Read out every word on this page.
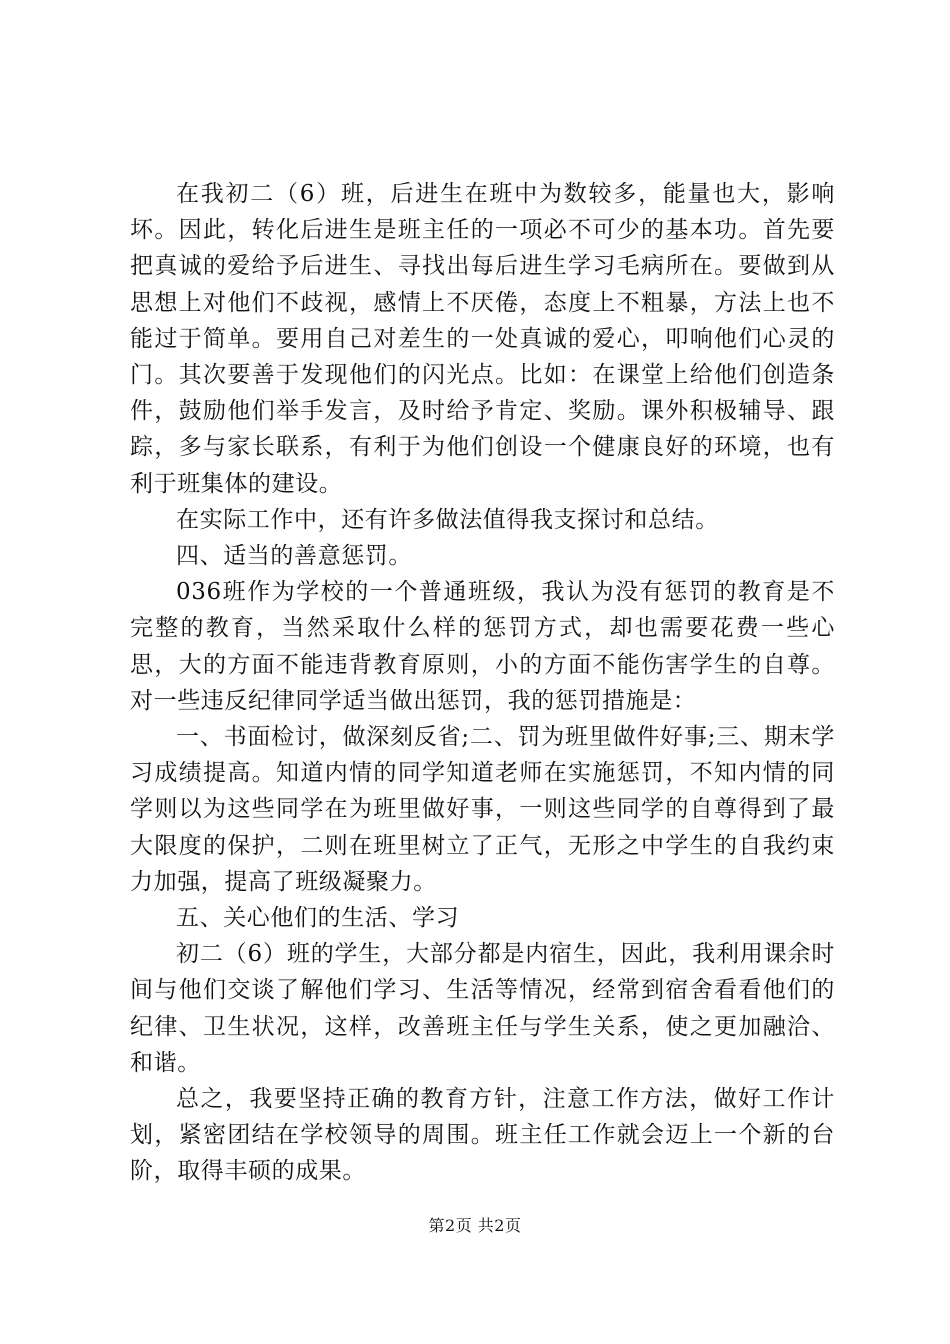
在我初二（6）班，后进生在班中为数较多，能量也大，影响坏。因此，转化后进生是班主任的一项必不可少的基本功。首先要把真诚的爱给予后进生、寻找出每后进生学习毛病所在。要做到从思想上对他们不歧视，感情上不厌倦，态度上不粗暴，方法上也不能过于简单。要用自己对差生的一处真诚的爱心，叩响他们心灵的门。其次要善于发现他们的闪光点。比如：在课堂上给他们创造条件，鼓励他们举手发言，及时给予肯定、奖励。课外积极辅导、跟踪，多与家长联系，有利于为他们创设一个健康良好的环境，也有利于班集体的建设。

在实际工作中，还有许多做法值得我支探讨和总结。

四、适当的善意惩罚。

036班作为学校的一个普通班级，我认为没有惩罚的教育是不完整的教育，当然采取什么样的惩罚方式，却也需要花费一些心思，大的方面不能违背教育原则，小的方面不能伤害学生的自尊。对一些违反纪律同学适当做出惩罚，我的惩罚措施是：

一、书面检讨，做深刻反省;二、罚为班里做件好事;三、期末学习成绩提高。知道内情的同学知道老师在实施惩罚，不知内情的同学则以为这些同学在为班里做好事，一则这些同学的自尊得到了最大限度的保护，二则在班里树立了正气，无形之中学生的自我约束力加强，提高了班级凝聚力。

五、关心他们的生活、学习

初二（6）班的学生，大部分都是内宿生，因此，我利用课余时间与他们交谈了解他们学习、生活等情况，经常到宿舍看看他们的纪律、卫生状况，这样，改善班主任与学生关系，使之更加融洽、和谐。

总之，我要坚持正确的教育方针，注意工作方法，做好工作计划，紧密团结在学校领导的周围。班主任工作就会迈上一个新的台阶，取得丰硕的成果。

第2页 共2页
